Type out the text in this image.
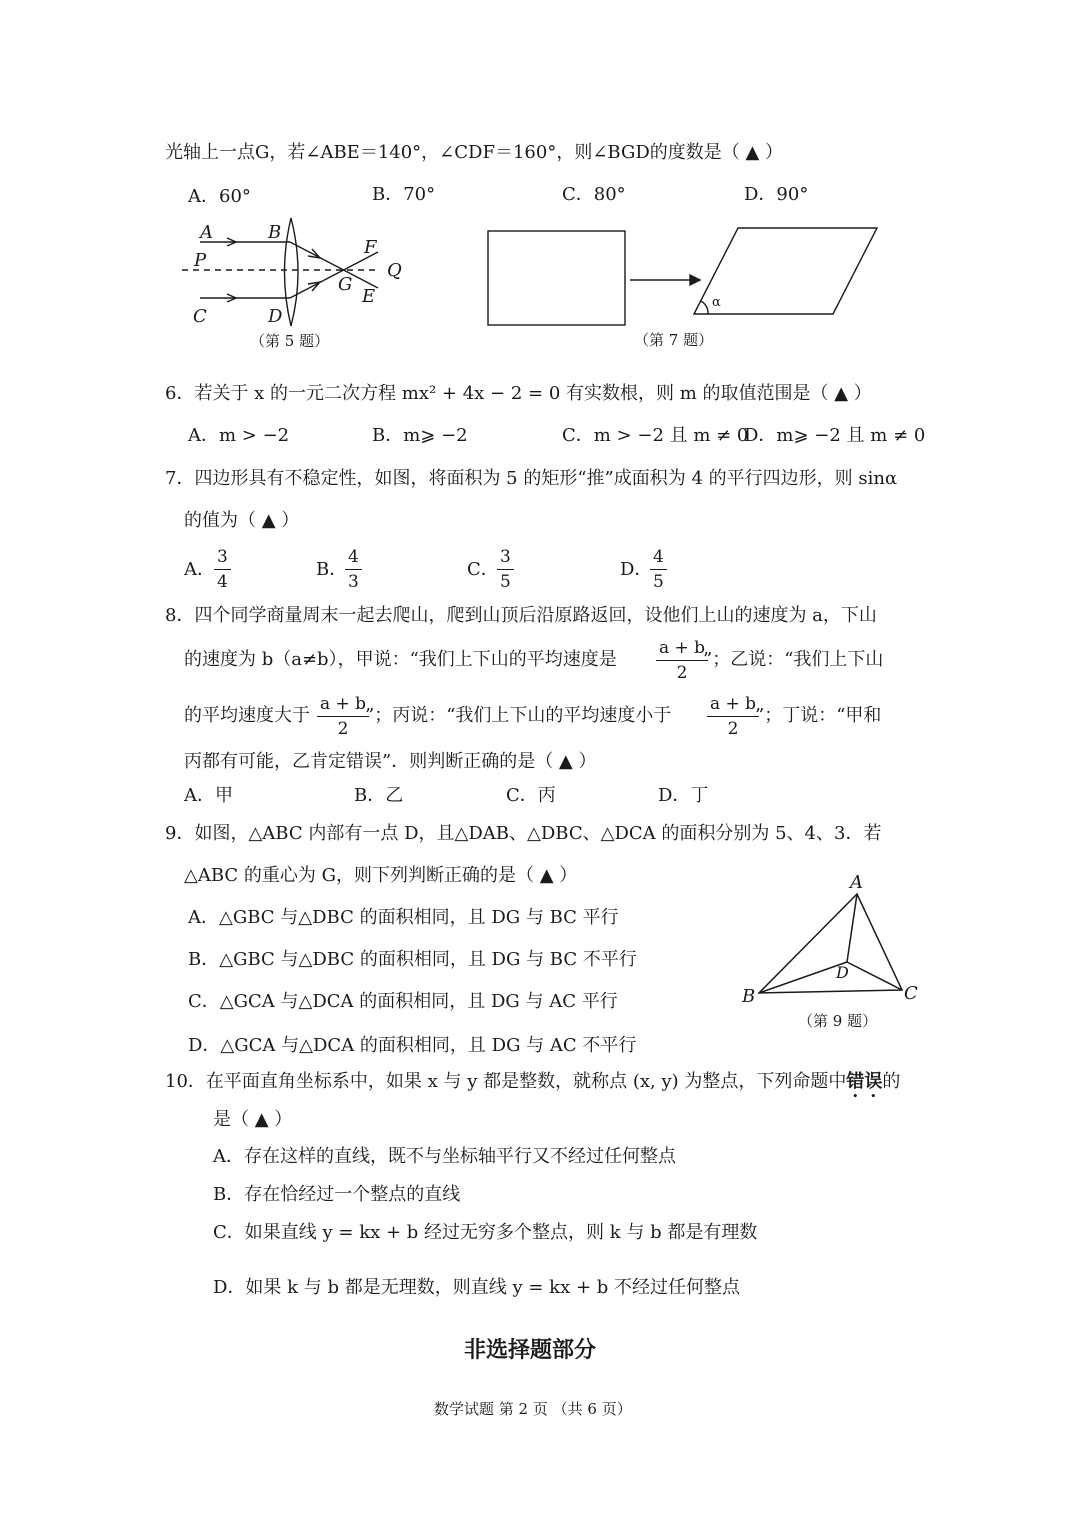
光轴上一点G，若∠ABE＝140°，∠CDF＝160°，则∠BGD的度数是（ ▲ ）
A．60°	B．70°	C．80°	D．90°
A	B
P
F
Q
G
E
C	D
（第 5 题）
α
（第 7 题）
6．若关于 x 的一元二次方程 mx² + 4x − 2 = 0 有实数根，则 m 的取值范围是（ ▲ ）
A．m > −2	B．m⩾ −2	C．m > −2 且 m ≠ 0
D．m⩾ −2 且 m ≠ 0
7．四边形具有不稳定性，如图，将面积为 5 的矩形“推”成面积为 4 的平行四边形，则 sinα
的值为（ ▲ ）
A． $\frac{3}{4}$	B．
$\frac{4}{3}$	C．
$\frac{3}{5}$	D．
$\frac{4}{5}$
8．四个同学商量周末一起去爬山，爬到山顶后沿原路返回，设他们上山的速度为 a，下山
的速度为 b（a≠b），甲说：“我们上下山的平均速度是 $\frac{a + b}{2}$
”；乙说：“我们上下山
的平均速度大于 $\frac{a + b}{2}$
”；丙说：“我们上下山的平均速度小于 $\frac{a + b}{2}$
”；丁说：“甲和
丙都有可能，乙肯定错误”．则判断正确的是（ ▲ ）
A．甲	B．乙	C．丙	D．丁
9．如图，△ABC 内部有一点 D，且△DAB、△DBC、△DCA 的面积分别为 5、4、3．若
△ABC 的重心为 G，则下列判断正确的是（ ▲ ）
A．△GBC 与△DBC 的面积相同，且 DG 与 BC 平行
B．△GBC 与△DBC 的面积相同，且 DG 与 BC 不平行
C．△GCA 与△DCA 的面积相同，且 DG 与 AC 平行
D．△GCA 与△DCA 的面积相同，且 DG 与 AC 不平行
A
B	C
D
（第 9 题）
10．在平面直角坐标系中，如果 x 与 y 都是整数，就称点 (x, y) 为整点，下列命题中错误的
是（ ▲ ）
A．存在这样的直线，既不与坐标轴平行又不经过任何整点
B．存在恰经过一个整点的直线
C．如果直线 y = kx + b 经过无穷多个整点，则 k 与 b 都是有理数
D．如果 k 与 b 都是无理数，则直线 y = kx + b 不经过任何整点
非选择题部分
数学试题 第 2 页 （共 6 页）
